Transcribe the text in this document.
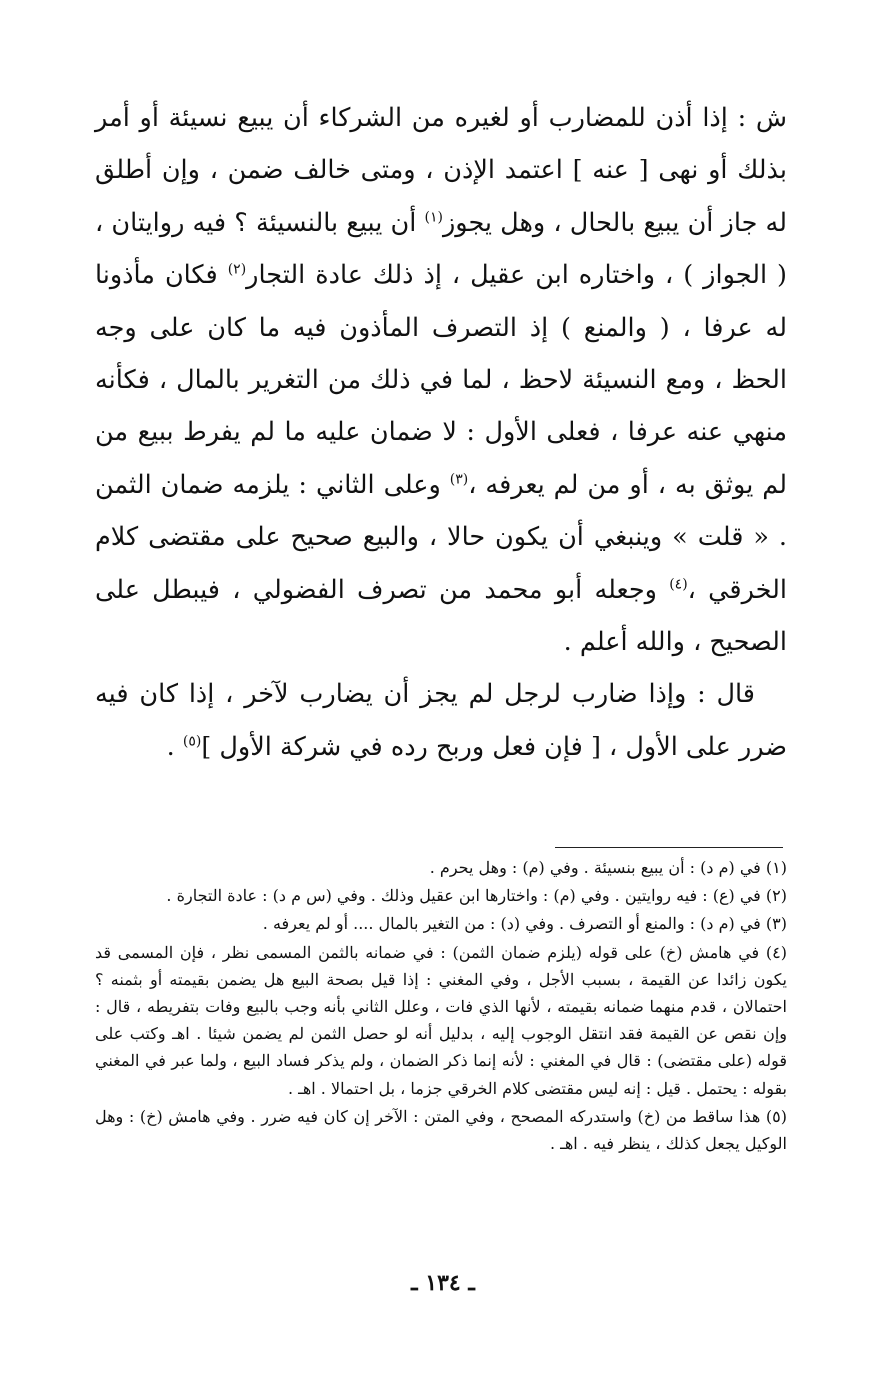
ش : إذا أذن للمضارب أو لغيره من الشركاء أن يبيع نسيئة أو أمر بذلك أو نهى [ عنه ] اعتمد الإذن ، ومتى خالف ضمن ، وإن أطلق له جاز أن يبيع بالحال ، وهل يجوز$^{(١)}$ أن يبيع بالنسيئة ؟ فيه روايتان ، ( الجواز ) ، واختاره ابن عقيل ، إذ ذلك عادة التجار$^{(٢)}$ فكان مأذونا له عرفا ، ( والمنع ) إذ التصرف المأذون فيه ما كان على وجه الحظ ، ومع النسيئة لاحظ ، لما في ذلك من التغرير بالمال ، فكأنه منهي عنه عرفا ، فعلى الأول : لا ضمان عليه ما لم يفرط ببيع من لم يوثق به ، أو من لم يعرفه ،$^{(٣)}$ وعلى الثاني : يلزمه ضمان الثمن . « قلت » وينبغي أن يكون حالا ، والبيع صحيح على مقتضى كلام الخرقي ،$^{(٤)}$ وجعله أبو محمد من تصرف الفضولي ، فيبطل على الصحيح ، والله أعلم .

قال : وإذا ضارب لرجل لم يجز أن يضارب لآخر ، إذا كان فيه ضرر على الأول ، [ فإن فعل وربح رده في شركة الأول ]$^{(٥)}$ .

(١) في (م د) : أن يبيع بنسيئة . وفي (م) : وهل يحرم .

(٢) في (ع) : فيه روايتين . وفي (م) : واختارها ابن عقيل وذلك . وفي (س م د) : عادة التجارة .

(٣) في (م د) : والمنع أو التصرف . وفي (د) : من التغير بالمال .... أو لم يعرفه .

(٤) في هامش (خ) على قوله (يلزم ضمان الثمن) : في ضمانه بالثمن المسمى نظر ، فإن المسمى قد يكون زائدا عن القيمة ، بسبب الأجل ، وفي المغني : إذا قيل بصحة البيع هل يضمن بقيمته أو بثمنه ؟ احتمالان ، قدم منهما ضمانه بقيمته ، لأنها الذي فات ، وعلل الثاني بأنه وجب بالبيع وفات بتفريطه ، قال : وإن نقص عن القيمة فقد انتقل الوجوب إليه ، بدليل أنه لو حصل الثمن لم يضمن شيئا . اهـ وكتب على قوله (على مقتضى) : قال في المغني : لأنه إنما ذكر الضمان ، ولم يذكر فساد البيع ، ولما عبر في المغني بقوله : يحتمل . قيل : إنه ليس مقتضى كلام الخرقي جزما ، بل احتمالا . اهـ .

(٥) هذا ساقط من (خ) واستدركه المصحح ، وفي المتن : الآخر إن كان فيه ضرر . وفي هامش (خ) : وهل الوكيل يجعل كذلك ، ينظر فيه . اهـ .

ـ ١٣٤ ـ
